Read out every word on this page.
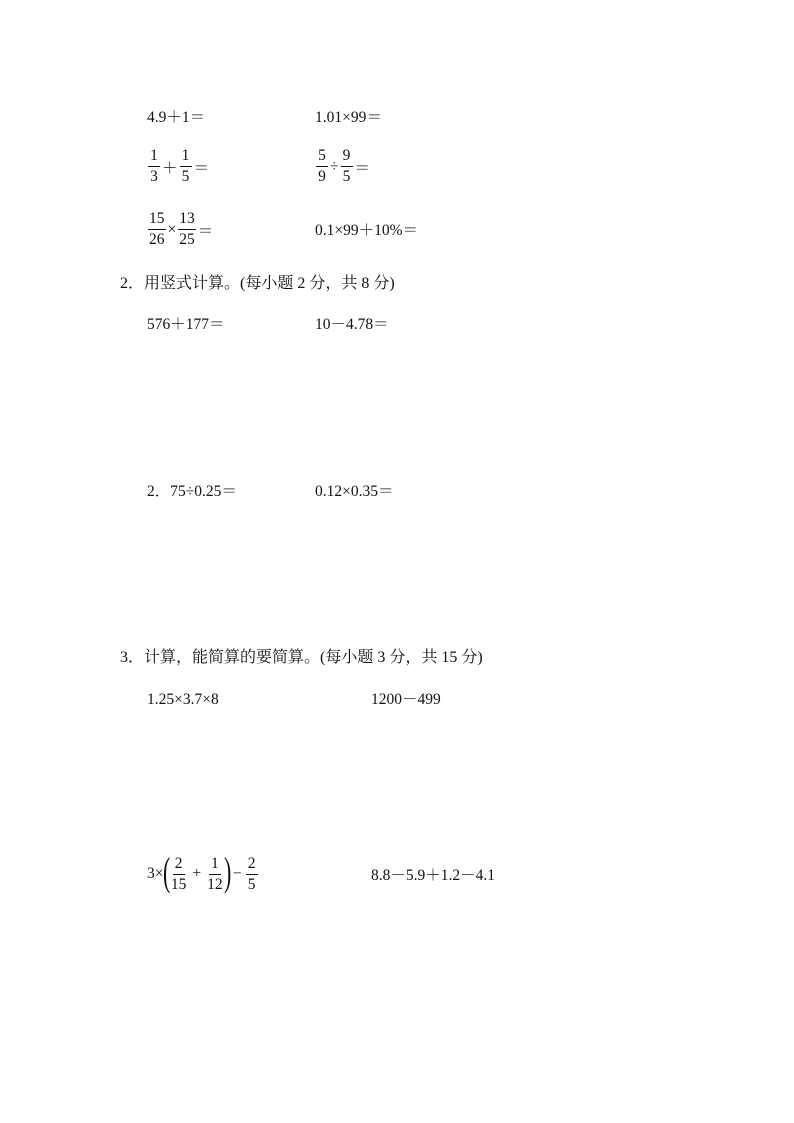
4.9＋1＝	1.01×99＝
$\frac{1}{3} + \frac{1}{5}$ ＝	$\frac{5}{9} \div \frac{9}{5}$ ＝
$\frac{15}{26} \times \frac{13}{25}$ ＝	0.1×99＋10%＝
2．用竖式计算。(每小题 2 分，共 8 分)
576＋177＝	10－4.78＝
2．75÷0.25＝	0.12×0.35＝
3．计算，能简算的要简算。(每小题 3 分，共 15 分)
1.25×3.7×8	1200－499
3×
( $\frac{2}{15} + \frac{1}{12}$ ) − $\frac{2}{5}$	8.8－5.9＋1.2－4.1
